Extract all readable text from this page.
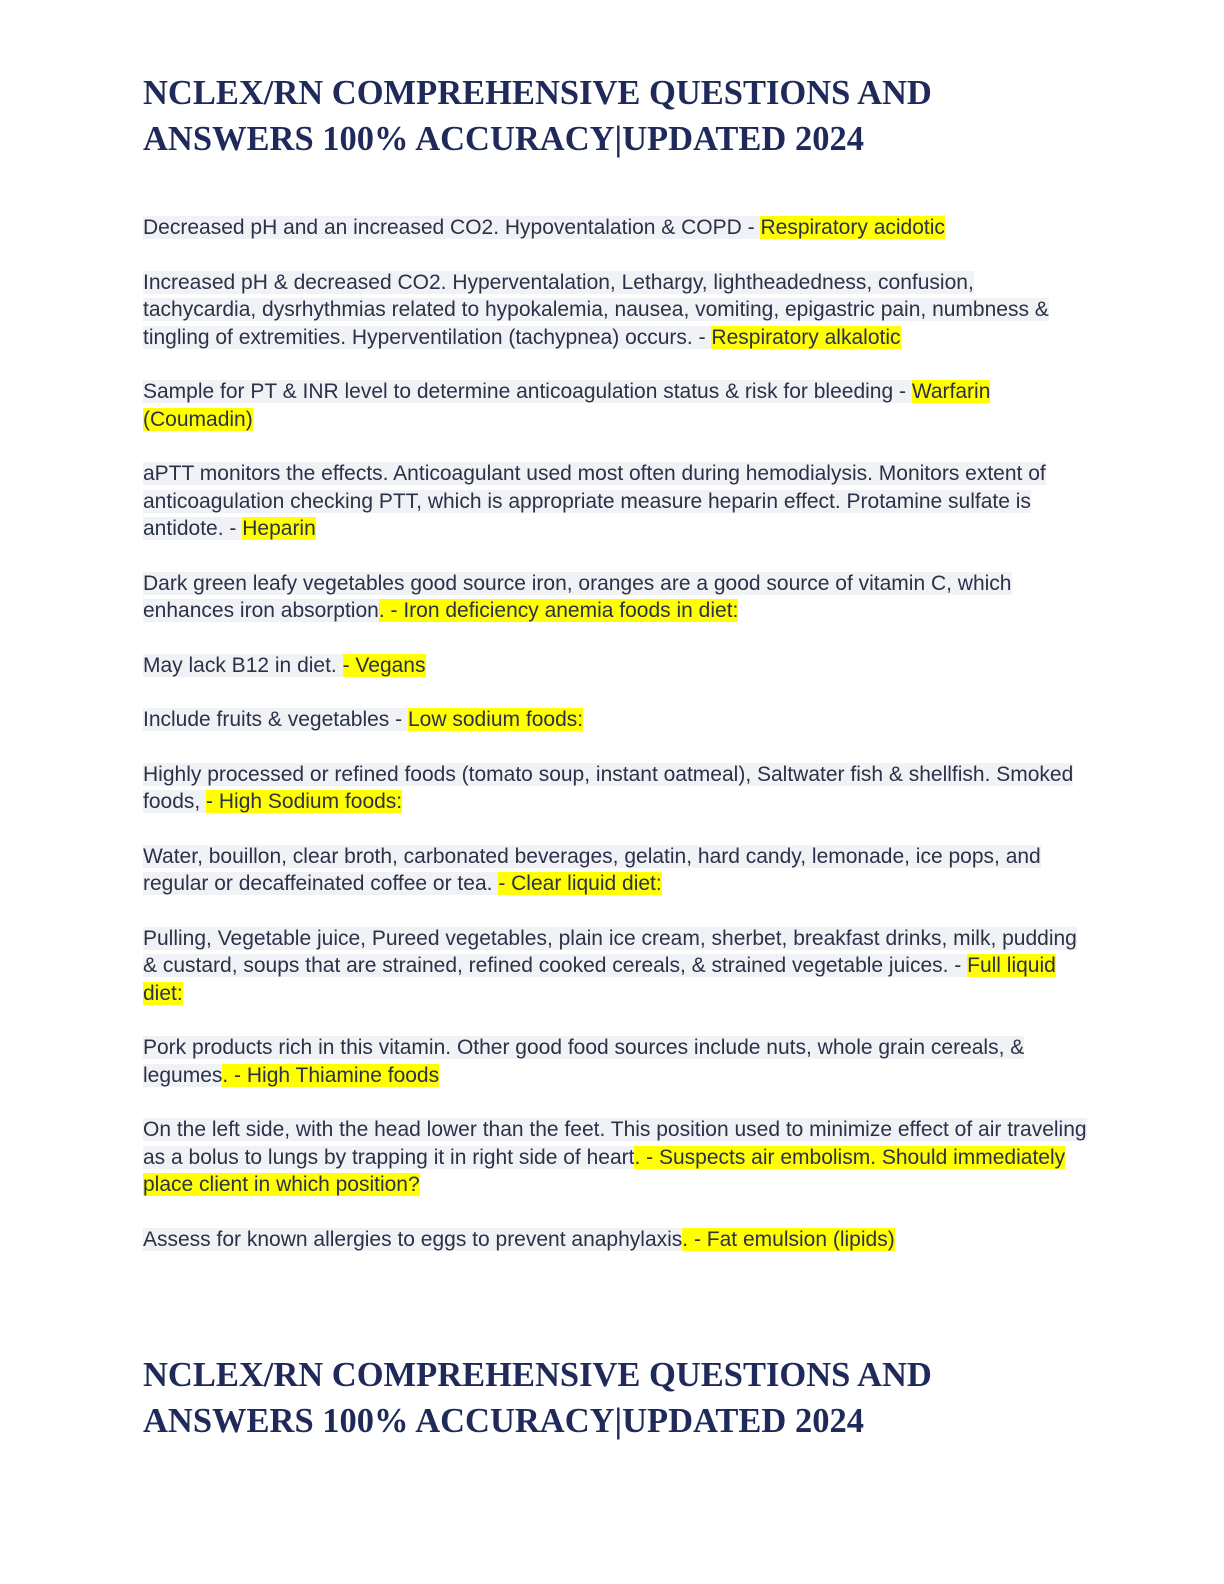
NCLEX/RN COMPREHENSIVE QUESTIONS AND ANSWERS 100% ACCURACY|UPDATED 2024

Decreased pH and an increased CO2. Hypoventalation & COPD - Respiratory acidotic

Increased pH & decreased CO2. Hyperventalation, Lethargy, lightheadedness, confusion, tachycardia, dysrhythmias related to hypokalemia, nausea, vomiting, epigastric pain, numbness & tingling of extremities. Hyperventilation (tachypnea) occurs. - Respiratory alkalotic

Sample for PT & INR level to determine anticoagulation status & risk for bleeding - Warfarin (Coumadin)

aPTT monitors the effects. Anticoagulant used most often during hemodialysis. Monitors extent of anticoagulation checking PTT, which is appropriate measure heparin effect. Protamine sulfate is antidote. - Heparin

Dark green leafy vegetables good source iron, oranges are a good source of vitamin C, which enhances iron absorption. - Iron deficiency anemia foods in diet:

May lack B12 in diet. - Vegans

Include fruits & vegetables - Low sodium foods:

Highly processed or refined foods (tomato soup, instant oatmeal), Saltwater fish & shellfish. Smoked foods, - High Sodium foods:

Water, bouillon, clear broth, carbonated beverages, gelatin, hard candy, lemonade, ice pops, and regular or decaffeinated coffee or tea. - Clear liquid diet:

Pulling, Vegetable juice, Pureed vegetables, plain ice cream, sherbet, breakfast drinks, milk, pudding & custard, soups that are strained, refined cooked cereals, & strained vegetable juices. - Full liquid diet:

Pork products rich in this vitamin. Other good food sources include nuts, whole grain cereals, & legumes. - High Thiamine foods

On the left side, with the head lower than the feet. This position used to minimize effect of air traveling as a bolus to lungs by trapping it in right side of heart. - Suspects air embolism. Should immediately place client in which position?

Assess for known allergies to eggs to prevent anaphylaxis. - Fat emulsion (lipids)

NCLEX/RN COMPREHENSIVE QUESTIONS AND ANSWERS 100% ACCURACY|UPDATED 2024
